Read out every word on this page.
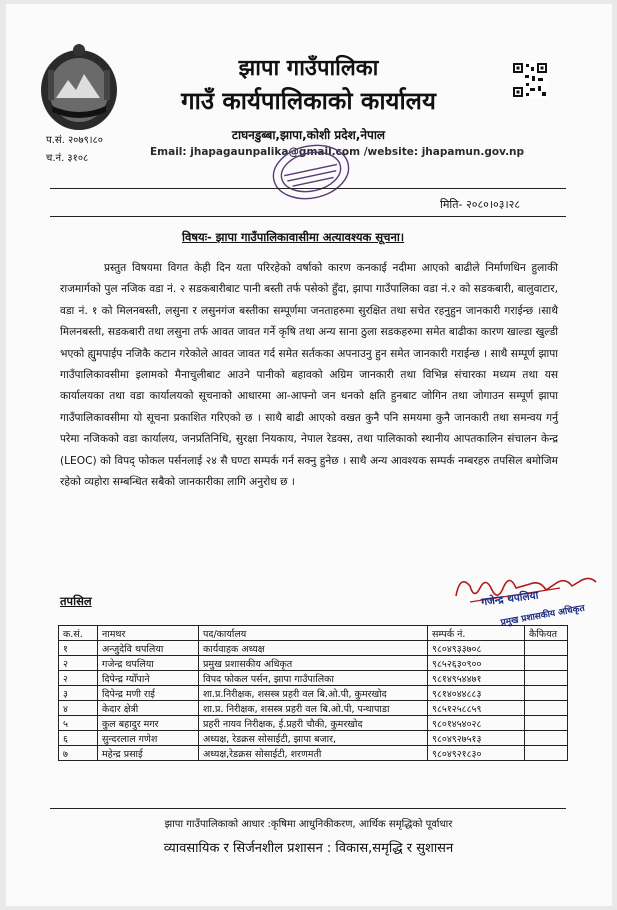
प.सं. २०७९।८०
च.नं. ३१०८
झापा गाउँपालिका
गाउँ कार्यपालिकाको कार्यालय
टाघनडुब्बा,झापा,कोशी प्रदेश,नेपाल
Email: jhapagaunpalika@gmail.com /website: jhapamun.gov.np
मिति- २०८०।०३।२८
विषयः- झापा गाउँपालिकावासीमा अत्यावश्यक सूचना।

प्रस्तुत विषयमा विगत केही दिन यता परिरहेको वर्षाको कारण कनकाई नदीमा आएको बाढीले निर्माणधिन हुलाकी राजमार्गको पुल नजिक वडा नं. २ सडकबारीबाट पानी बस्ती तर्फ पसेको हुँदा, झापा गाउँपालिका वडा नं.२ को सडकबारी, बालुवाटार, वडा नं. १ को मिलनबस्ती, लसुना र लसुनगंज बस्तीका सम्पूर्णमा जनताहरुमा सुरक्षित तथा सचेत रहनुहुन जानकारी गराईन्छ ।साथै मिलनबस्ती, सडकबारी तथा लसुना तर्फ आवत जावत गर्ने कृषि तथा अन्य साना ठुला सडकहरुमा समेत बाढीका कारण खाल्डा खुल्डी भएको ह्युमपाईप नजिकै कटान गरेकोले आवत जावत गर्द समेत सर्तकका अपनाउनु हुन समेत जानकारी गराईन्छ । साथै सम्पूर्ण झापा गाउँपालिकावसीमा इलामको मैनाचुलीबाट आउने पानीको बहावको अग्रिम जानकारी तथा विभिन्न संचारका मध्यम तथा यस कार्यालयका तथा वडा कार्यालयको सूचनाको आधारमा आ-आफ्नो जन धनको क्षति हुनबाट जोगिन तथा जोगाउन सम्पूर्ण झापा गाउँपालिकावसीमा यो सूचना प्रकाशित गरिएको छ । साथै बाढी आएको वखत कुनै पनि समयमा कुनै जानकारी तथा समन्वय गर्नु परेमा नजिकको वडा कार्यालय, जनप्रतिनिधि, सुरक्षा नियकाय, नेपाल रेडक्स, तथा पालिकाको स्थानीय आपतकालिन संचालन केन्द्र (LEOC) को विपद् फोकल पर्सनलाई २४ सै घण्टा सम्पर्क गर्न सक्नु हुनेछ । साथै अन्य आवश्यक सम्पर्क नम्बरहरु तपसिल बमोजिम रहेको व्यहोरा सम्बन्धित सबैको जानकारीका लागि अनुरोध छ ।

गजेन्द्र थपलिया
प्रमुख प्रशासकीय अधिकृत
तपसिल
क.सं.	नामथर	पद/कार्यालय	सम्पर्क नं.	कैफियत
१	अन्जुदेवि थपलिया	कार्यवाहक अध्यक्ष	९८०४९३३७०८	
२	गजेन्द्र थपलिया	प्रमुख प्रशासकीय अधिकृत	९८५२६३०९००	
२	दिपेन्द्र ग्योँपाने	विपद फोकल पर्सन, झापा गाउँपालिका	९८१४९५४४७१	
३	दिपेन्द्र मणी राई	शा.प्र.निरीक्षक, शसस्त्र प्रहरी वल बि.ओ.पी, कुमरखोद	९८१४०४४८८३	
४	केदार क्षेत्री	शा.प्र. निरीक्षक, शसस्त्र प्रहरी वल बि.ओ.पी, पन्थापाडा	९८५१२५८८५९	
५	कुल बहादुर मगर	प्रहरी नायव निरीक्षक, ई.प्रहरी चौकी, कुमरखोद	९८०१४५४०२८	
६	सुन्दरलाल गणेश	अध्यक्ष, रेडक्रस सोसाईटी, झापा बजार,	९८०४९२७५१३	
७	महेन्द्र प्रसाई	अध्यक्ष,रेडक्रस सोसाईटी, शरणमती	९८०४९२१८३०	
झापा गाउँपालिकाको आधार :कृषिमा आधुनिकीकरण, आर्थिक समृद्धिको पूर्वाधार
व्यावसायिक र सिर्जनशील प्रशासन : विकास,समृद्धि र सुशासन
